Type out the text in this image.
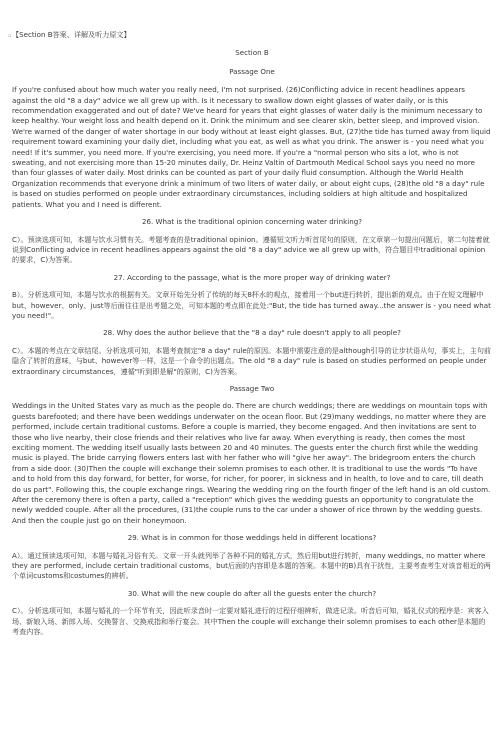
▫ 【Section B答案、详解及听力原文】

Section B

Passage One

If you're confused about how much water you really need, I'm not surprised. (26)Conflicting advice in recent headlines appears against the old "8 a day" advice we all grew up with. Is it necessary to swallow down eight glasses of water daily, or is this recommendation exaggerated and out of date? We've heard for years that eight glasses of water daily is the minimum necessary to keep healthy. Your weight loss and health depend on it. Drink the minimum and see clearer skin, better sleep, and improved vision. We're warned of the danger of water shortage in our body without at least eight glasses. But, (27)the tide has turned away from liquid requirement toward examining your daily diet, including what you eat, as well as what you drink. The answer is - you need what you need! If it's summer, you need more. If you're exercising, you need more. If you're a "normal person who sits a lot, who is not sweating, and not exercising more than 15-20 minutes daily, Dr. Heinz Valtin of Dartmouth Medical School says you need no more than four glasses of water daily. Most drinks can be counted as part of your daily fluid consumption. Although the World Health Organization recommends that everyone drink a minimum of two liters of water daily, or about eight cups, (28)the old "8 a day" rule is based on studies performed on people under extraordinary circumstances, including soldiers at high altitude and hospitalized patients. What you and I need is different.

26. What is the traditional opinion concerning water drinking?

C）。预读选项可知，本题与饮水习惯有关。考题考查的是traditional opinion。遵循短文听力听首尾句的原则，在文章第一句提出问题后，第二句接着就说到Conflicting advice in recent headlines appears against the old "8 a day" advice we all grew up with，符合题目中traditional opinion的要求，C)为答案。

27. According to the passage, what is the more proper way of drinking water?

B）。分析选项可知，本题与饮水的根据有关。文章开始先分析了传统的每天8杯水的观点，接着用一个but进行转折，提出新的观点。由于在短文理解中but、however、only、just等后面往往是出考题之处，可知本题的考点即在此处:"But, the tide has turned away...the answer is - you need what you need!"。

28. Why does the author believe that the "8 a day" rule doesn't apply to all people?

C）。本题的考点在文章结尾。分析选项可知，本题考查制定"8 a day" rule的原因。本题中需要注意的是although引导的让步状语从句，事实上，主句前隐含了转折的意味，与but、however等一样，这是一个命令的出题点。The old "8 a day" rule is based on studies performed on people under extraordinary circumstances，遵循"听到即是解"的原则，C)为答案。

Passage Two

Weddings in the United States vary as much as the people do. There are church weddings; there are weddings on mountain tops with guests barefooted; and there have been weddings underwater on the ocean floor. But (29)many weddings, no matter where they are performed, include certain traditional customs. Before a couple is married, they become engaged. And then invitations are sent to those who live nearby, their close friends and their relatives who live far away. When everything is ready, then comes the most exciting moment. The wedding itself usually lasts between 20 and 40 minutes. The guests enter the church first while the wedding music is played. The bride carrying flowers enters last with her father who will "give her away". The bridegroom enters the church from a side door. (30)Then the couple will exchange their solemn promises to each other. It is traditional to use the words "To have and to hold from this day forward, for better, for worse, for richer, for poorer, in sickness and in health, to love and to care, till death do us part". Following this, the couple exchange rings. Wearing the wedding ring on the fourth finger of the left hand is an old custom. After the ceremony there is often a party, called a "reception" which gives the wedding guests an opportunity to congratulate the newly wedded couple. After all the procedures, (31)the couple runs to the car under a shower of rice thrown by the wedding guests. And then the couple just go on their honeymoon.

29. What is in common for those weddings held in different locations?

A）。通过预读选项可知，本题与婚礼习俗有关。文章一开头就列举了各种不同的婚礼方式，然后用but进行转折，many weddings, no matter where they are performed, include certain traditional customs，but后面的内容即是本题的答案。本题中的B)具有干扰性，主要考查考生对该音相近的两个单词customs和costumes的辨析。

30. What will the new couple do after all the guests enter the church?

C）。分析选项可知，本题与婚礼的一个环节有关，因此听录音时一定要对婚礼进行的过程仔细辨听，做进记录。听音后可知，婚礼仪式的程序是：宾客入场、新娘入场、新郎入场、交换誓言、交换戒指和举行宴会。其中Then the couple will exchange their solemn promises to each other是本题的考查内容。
